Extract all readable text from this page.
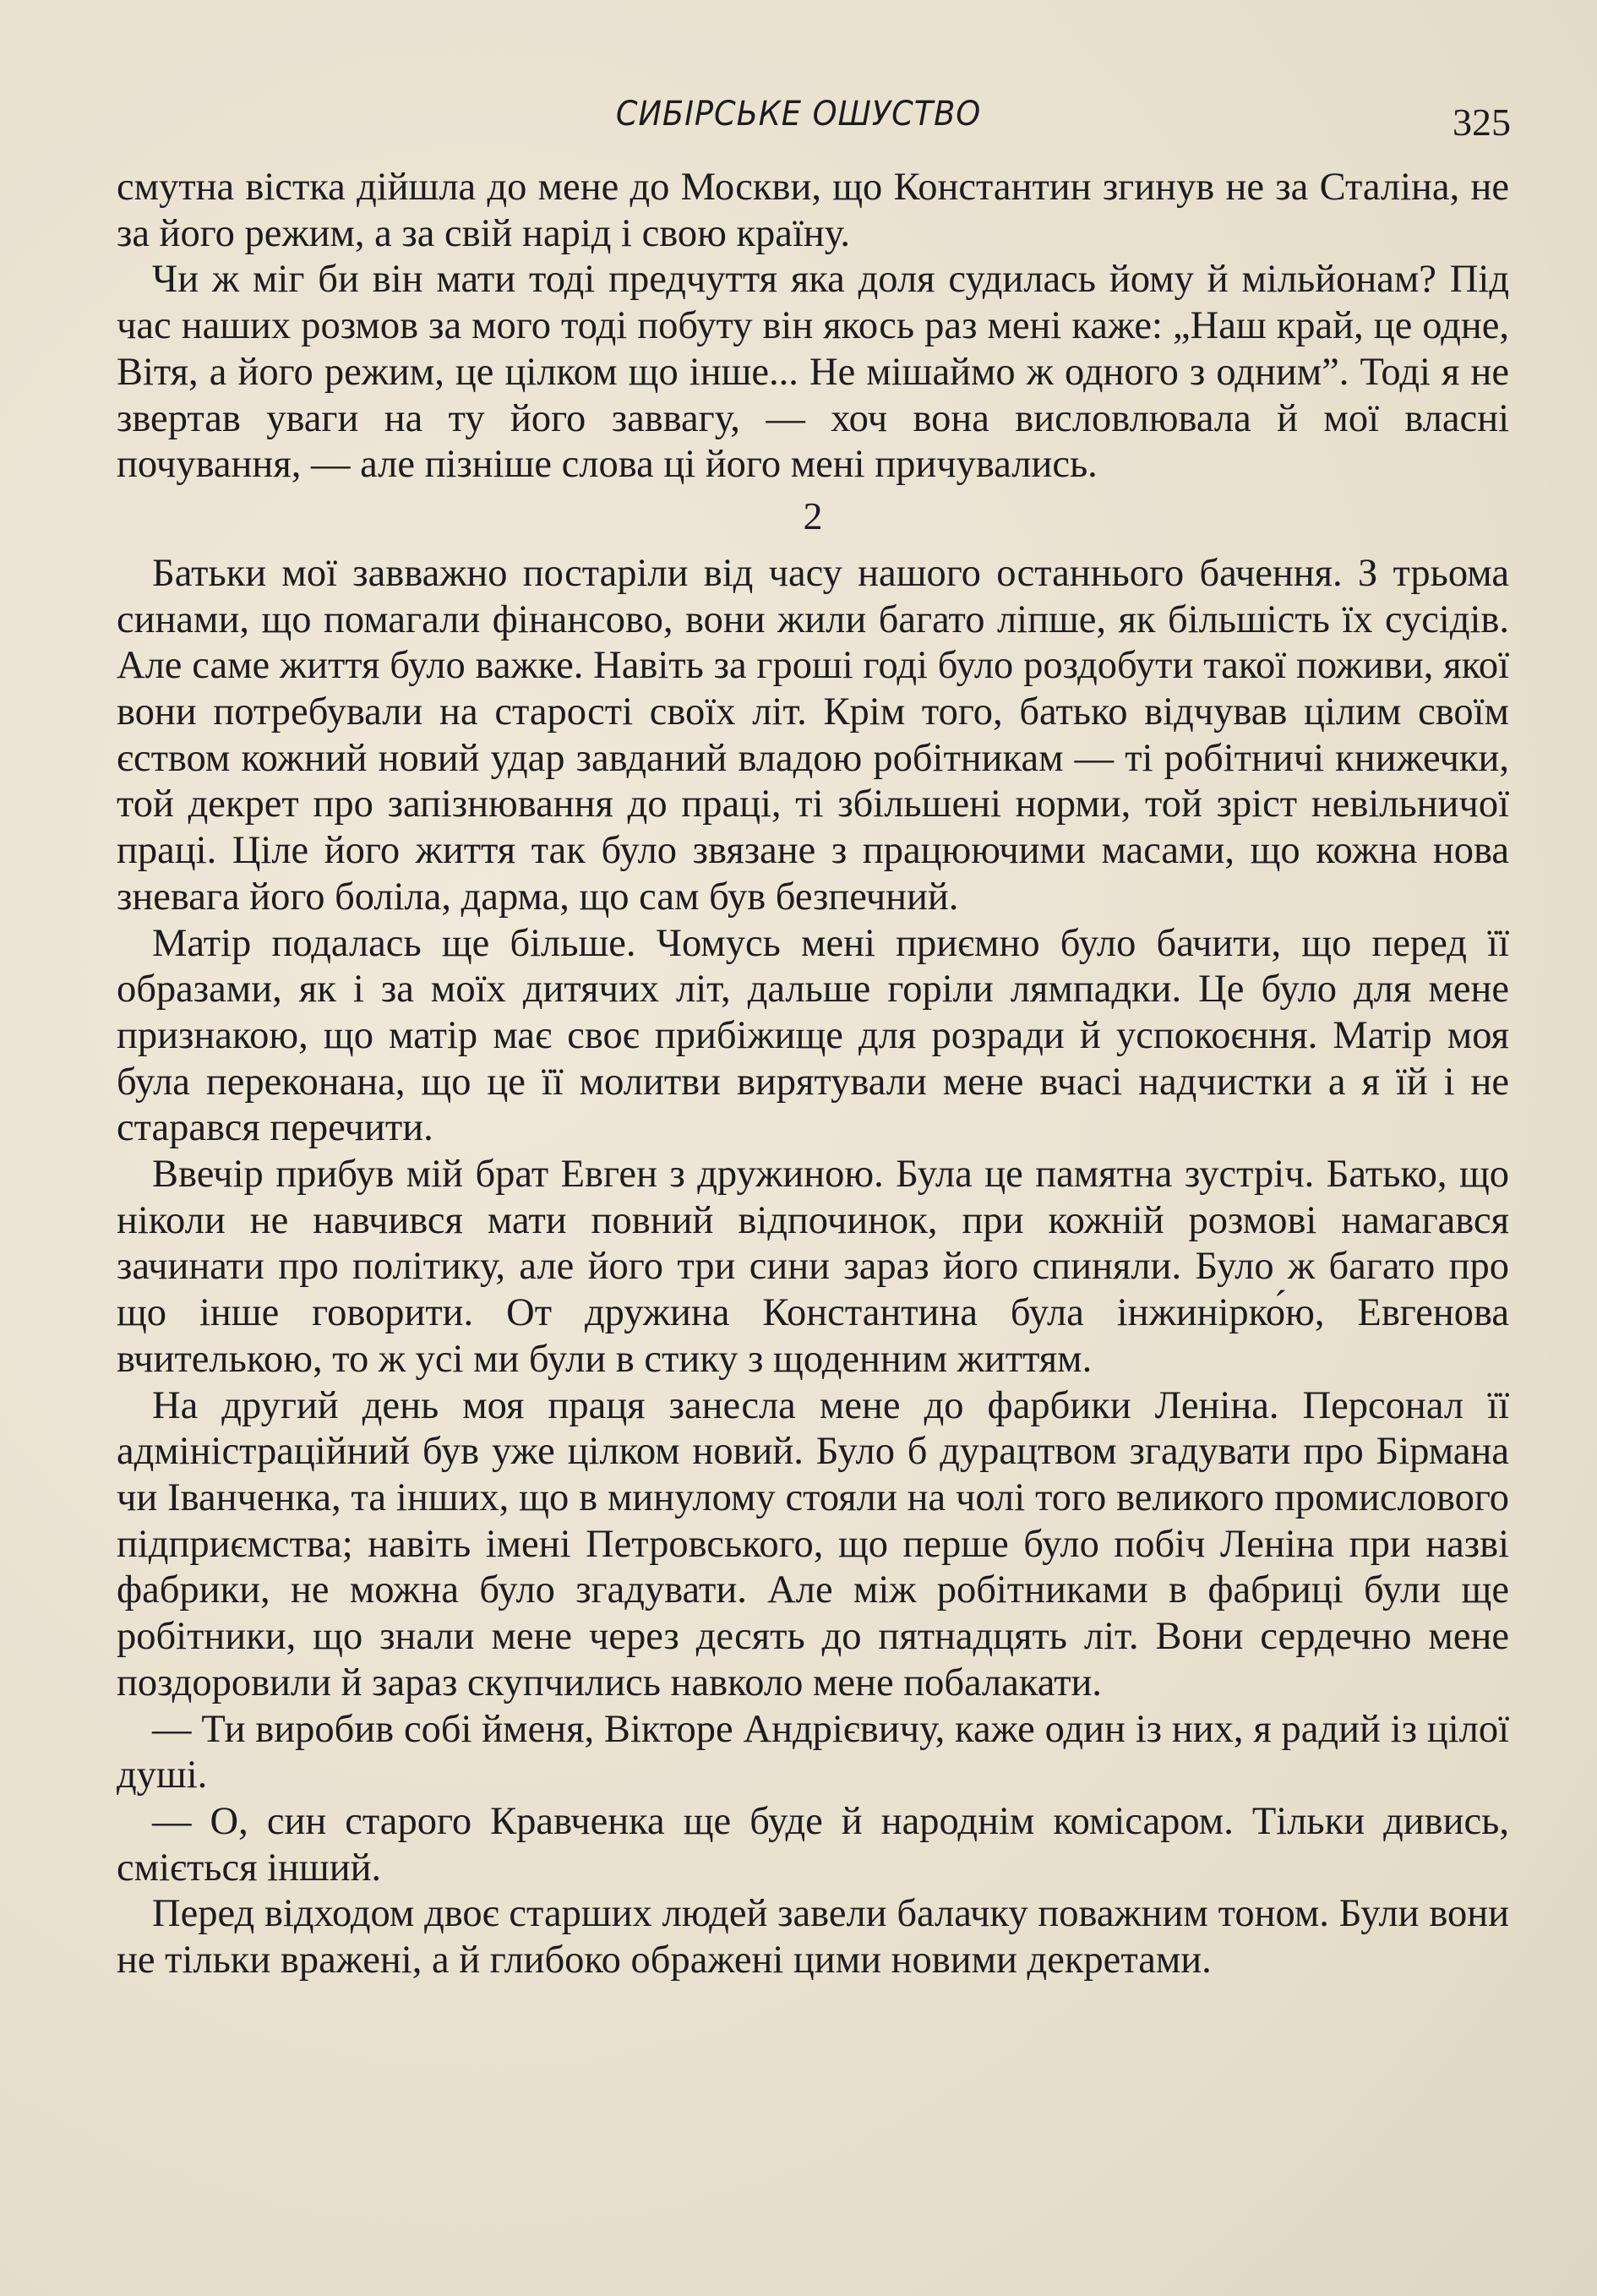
СИБІРСЬКЕ ОШУСТВО	325

смутна вістка дійшла до мене до Москви, що Константин згинув не за Сталіна, не за його режим, а за свій нарід і свою країну.

Чи ж міг би він мати тоді предчуття яка доля судилась йому й мільйонам? Під час наших розмов за мого тоді побуту він якось раз мені каже: „Наш край, це одне, Вітя, а його режим, це цілком що інше... Не мішаймо ж одного з одним”. Тоді я не звертав уваги на ту його заввагу, — хоч вона висловлювала й мої власні почування, — але пізніше слова ці його мені причувались.

2

Батьки мої завважно постаріли від часу нашого останнього бачення. З трьома синами, що помагали фінансово, вони жили багато ліпше, як більшість їх сусідів. Але саме життя було важке. Навіть за гроші годі було роздобути такої поживи, якої вони потребували на старості своїх літ. Крім того, батько відчував цілим своїм єством кожний новий удар завданий владою робітникам — ті робітничі книжечки, той декрет про запізнювання до праці, ті збільшені норми, той зріст невільничої праці. Ціле його життя так було звязане з працюючими масами, що кожна нова зневага його боліла, дарма, що сам був безпечний.

Матір подалась ще більше. Чомусь мені приємно було бачити, що перед її образами, як і за моїх дитячих літ, дальше горіли лямпадки. Це було для мене признакою, що матір має своє прибіжище для розради й успокоєння. Матір моя була переконана, що це її молитви вирятували мене вчасі надчистки а я їй і не старався перечити.

Ввечір прибув мій брат Евген з дружиною. Була це памятна зустріч. Батько, що ніколи не навчився мати повний відпочинок, при кожній розмові намагався зачинати про політику, але його три сини зараз його спиняли. Було ж багато про що інше говорити. От дружина Константина була інжинірко́ю, Евгенова вчителькою, то ж усі ми були в стику з щоденним життям.

На другий день моя праця занесла мене до фарбики Леніна. Персонал її адміністраційний був уже цілком новий. Було б дурацтвом згадувати про Бірмана чи Іванченка, та інших, що в минулому стояли на чолі того великого промислового підприємства; навіть імені Петровського, що перше було побіч Леніна при назві фабрики, не можна було згадувати. Але між робітниками в фабриці були ще робітники, що знали мене через десять до пятнадцять літ. Вони сердечно мене поздоровили й зараз скупчились навколо мене побалакати.

— Ти виробив собі йменя, Вікторе Андрієвичу, каже один із них, я радий із цілої душі.

— О, син старого Кравченка ще буде й народнім комісаром. Тільки дивись, сміється інший.

Перед відходом двоє старших людей завели балачку поважним тоном. Були вони не тільки вражені, а й глибоко ображені цими новими декретами.
